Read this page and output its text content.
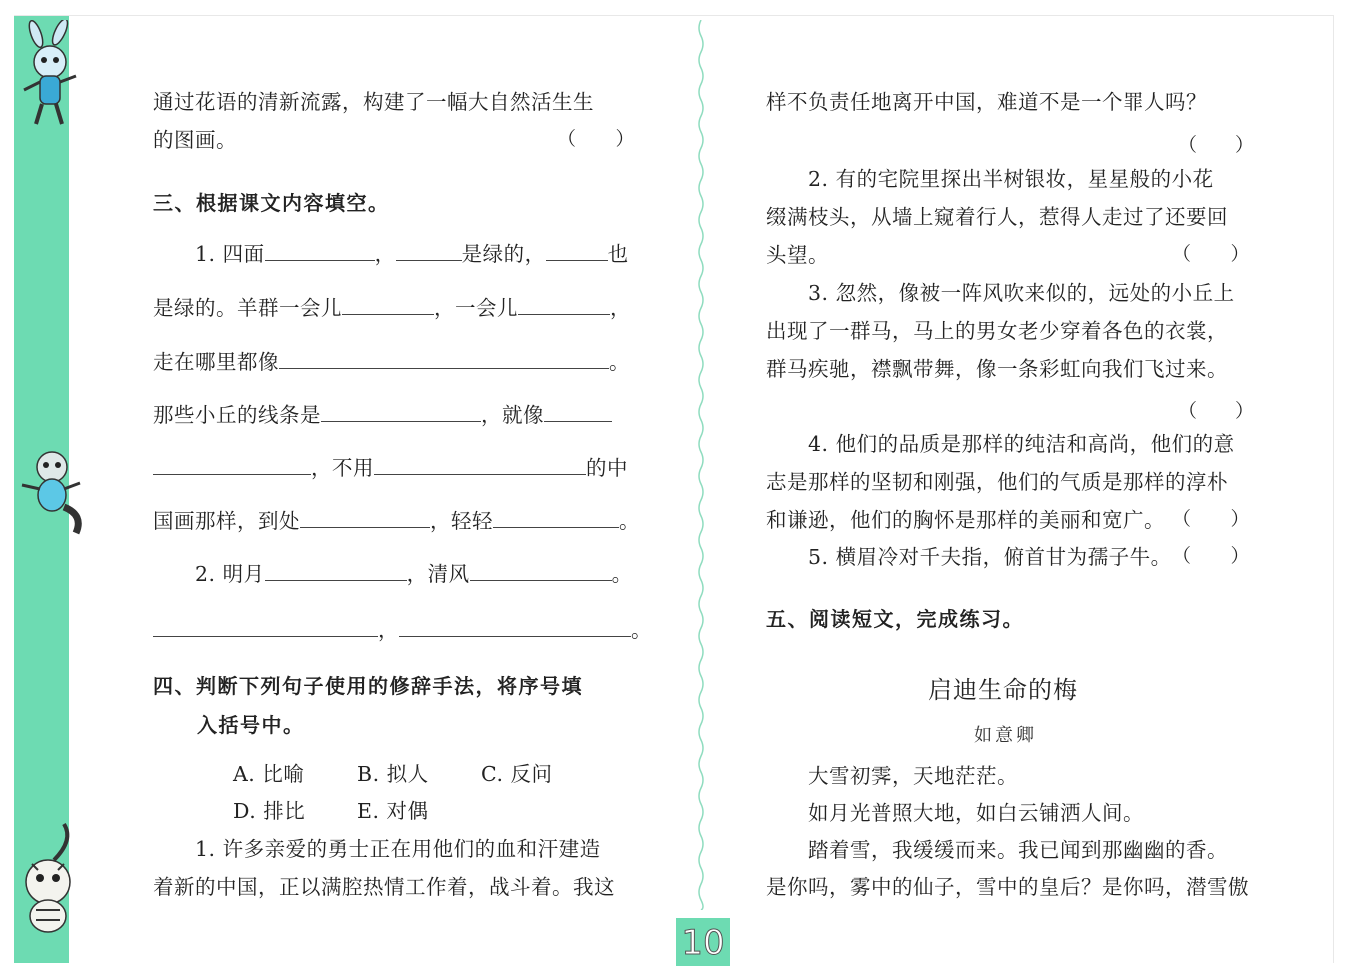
10
通过花语的清新流露，构建了一幅大自然活生生
的图画。	（　　）
三、根据课文内容填空。
1. 四面	，	是绿的，	也
是绿的。羊群一会儿	，一会儿	，
走在哪里都像	。
那些小丘的线条是	，就像
，不用	的中
国画那样，到处	，轻轻	。
2. 明月	，清风	。
，	。
四、判断下列句子使用的修辞手法，将序号填
入括号中。
A. 比喻	B. 拟人	C. 反问
D. 排比	E. 对偶
1. 许多亲爱的勇士正在用他们的血和汗建造
着新的中国，正以满腔热情工作着，战斗着。我这
样不负责任地离开中国，难道不是一个罪人吗？
（　　）
2. 有的宅院里探出半树银妆，星星般的小花
缀满枝头，从墙上窥着行人，惹得人走过了还要回
头望。	（　　）
3. 忽然，像被一阵风吹来似的，远处的小丘上
出现了一群马，马上的男女老少穿着各色的衣裳，
群马疾驰，襟飘带舞，像一条彩虹向我们飞过来。
（　　）
4. 他们的品质是那样的纯洁和高尚，他们的意
志是那样的坚韧和刚强，他们的气质是那样的淳朴
和谦逊，他们的胸怀是那样的美丽和宽广。 （　　）
5. 横眉冷对千夫指，俯首甘为孺子牛。 （　　）
五、阅读短文，完成练习。
启迪生命的梅
如意卿
大雪初霁，天地茫茫。
如月光普照大地，如白云铺洒人间。
踏着雪，我缓缓而来。我已闻到那幽幽的香。
是你吗，雾中的仙子，雪中的皇后？是你吗，潜雪傲
